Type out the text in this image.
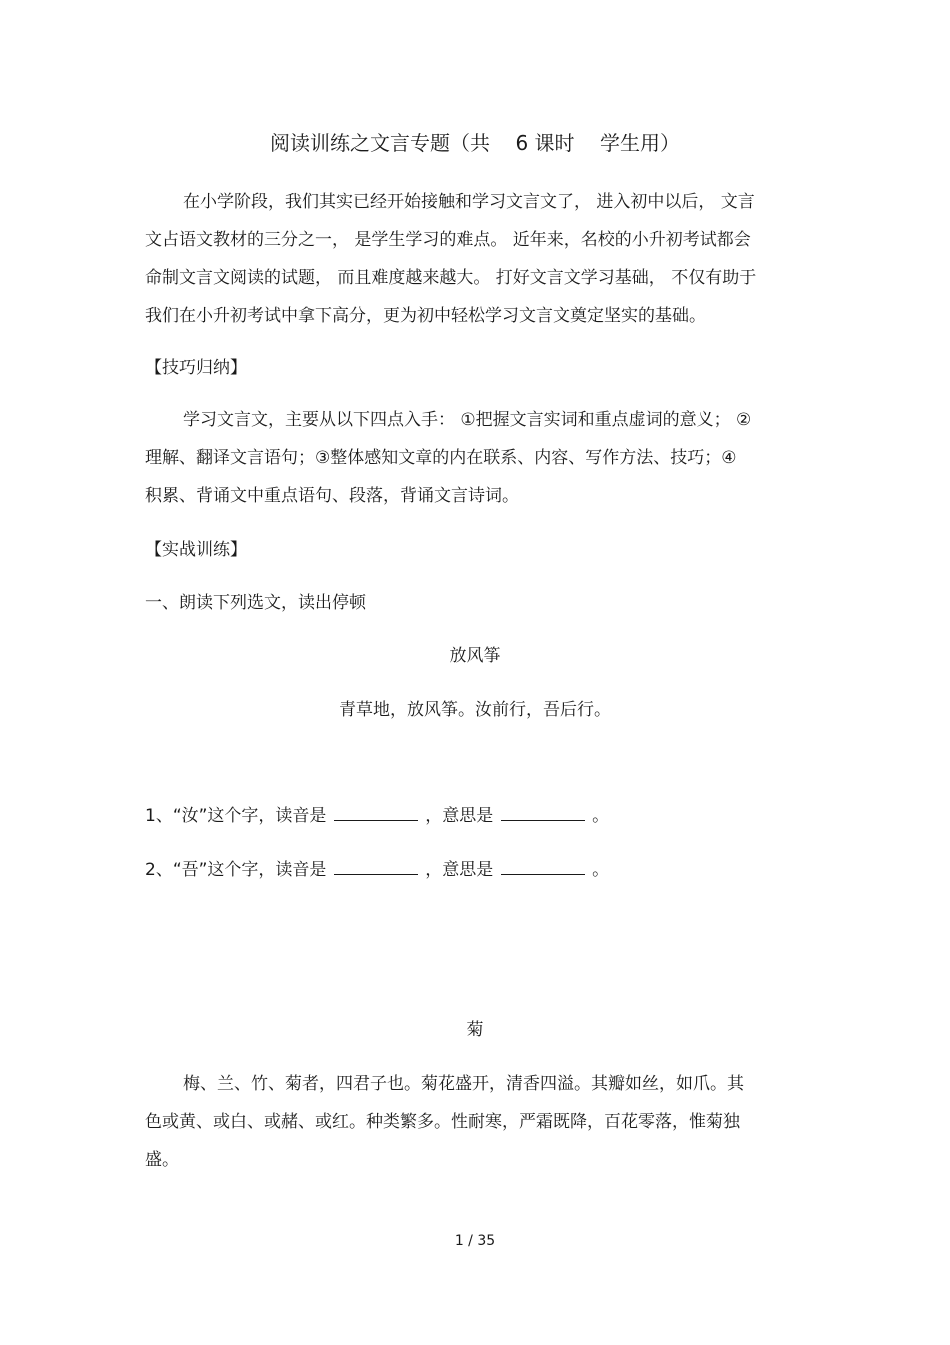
阅读训练之文言专题（共    6 课时    学生用）
在小学阶段，我们其实已经开始接触和学习文言文了， 进入初中以后， 文言
文占语文教材的三分之一， 是学生学习的难点。 近年来，名校的小升初考试都会
命制文言文阅读的试题， 而且难度越来越大。 打好文言文学习基础， 不仅有助于
我们在小升初考试中拿下高分，更为初中轻松学习文言文奠定坚实的基础。
【技巧归纳】
学习文言文，主要从以下四点入手： ①把握文言实词和重点虚词的意义； ②
理解、翻译文言语句；③整体感知文章的内在联系、内容、写作方法、技巧；④
积累、背诵文中重点语句、段落，背诵文言诗词。
【实战训练】
一、朗读下列选文，读出停顿
放风筝
青草地，放风筝。汝前行，吾后行。
1、“汝”这个字，读音是	，意思是	。
2、“吾”这个字，读音是	，意思是	。
菊
梅、兰、竹、菊者，四君子也。菊花盛开，清香四溢。其瓣如丝，如爪。其
色或黄、或白、或赭、或红。种类繁多。性耐寒，严霜既降，百花零落，惟菊独
盛。
1 / 35
